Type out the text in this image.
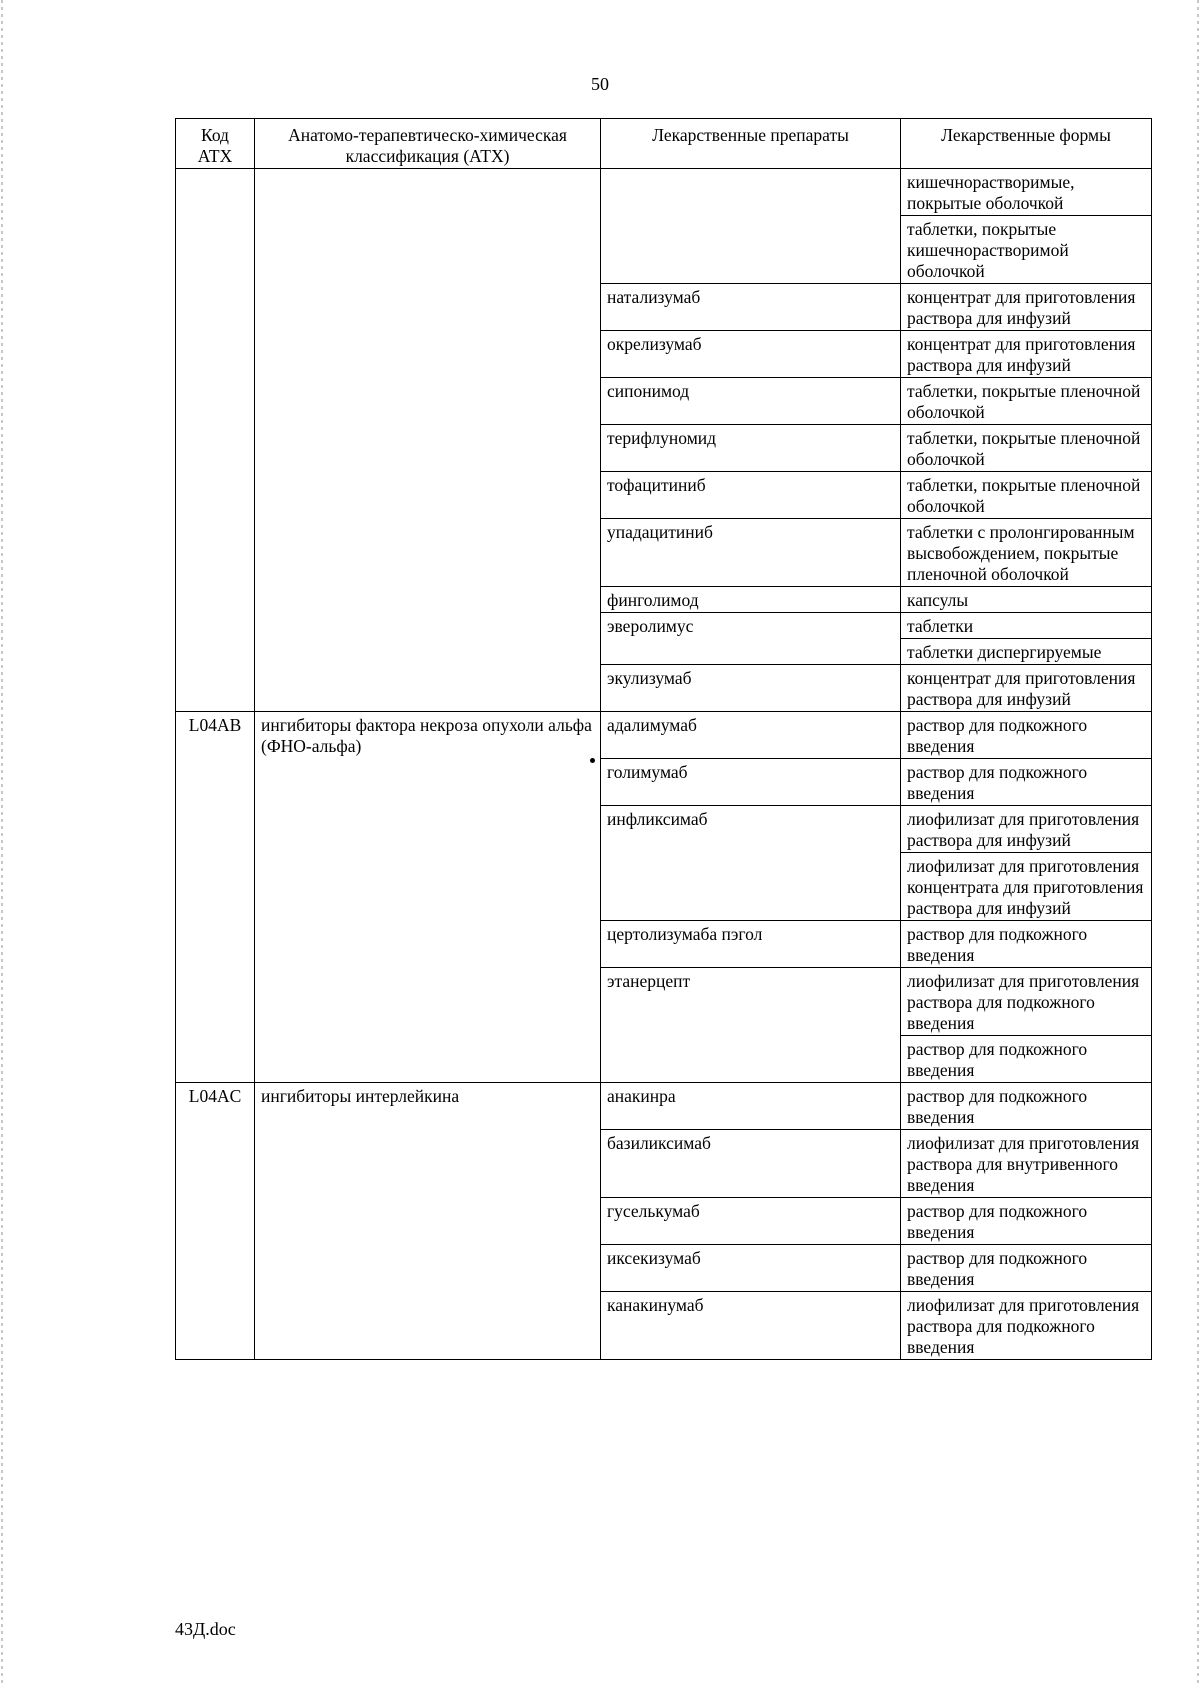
50
Код АТХ	Анатомо-терапевтическо-химическая классификация (АТХ)	Лекарственные препараты	Лекарственные формы
			кишечнорастворимые, покрытые оболочкой
			таблетки, покрытые кишечнорастворимой оболочкой
		натализумаб	концентрат для приготовления раствора для инфузий
		окрелизумаб	концентрат для приготовления раствора для инфузий
		сипонимод	таблетки, покрытые пленочной оболочкой
		терифлуномид	таблетки, покрытые пленочной оболочкой
		тофацитиниб	таблетки, покрытые пленочной оболочкой
		упадацитиниб	таблетки с пролонгированным высвобождением, покрытые пленочной оболочкой
		финголимод	капсулы
		эверолимус	таблетки
			таблетки диспергируемые
		экулизумаб	концентрат для приготовления раствора для инфузий
L04AB	ингибиторы фактора некроза опухоли альфа (ФНО-альфа)	адалимумаб	раствор для подкожного введения
		голимумаб	раствор для подкожного введения
		инфликсимаб	лиофилизат для приготовления раствора для инфузий
			лиофилизат для приготовления концентрата для приготовления раствора для инфузий
		цертолизумаба пэгол	раствор для подкожного введения
		этанерцепт	лиофилизат для приготовления раствора для подкожного введения
			раствор для подкожного введения
L04AC	ингибиторы интерлейкина	анакинра	раствор для подкожного введения
		базиликсимаб	лиофилизат для приготовления раствора для внутривенного введения
		гуселькумаб	раствор для подкожного введения
		иксекизумаб	раствор для подкожного введения
		канакинумаб	лиофилизат для приготовления раствора для подкожного введения
43Д.doc
